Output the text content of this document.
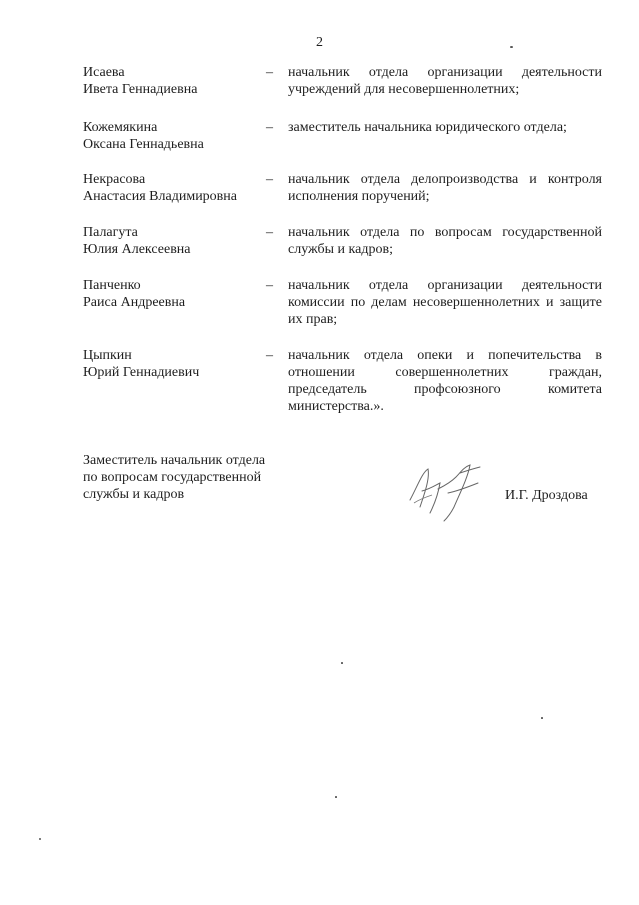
2
Исаева
Ивета Геннадиевна
– начальник отдела организации деятельности учреждений для несовершеннолетних;
Кожемякина
Оксана Геннадьевна
– заместитель начальника юридического отдела;
Некрасова
Анастасия Владимировна
– начальник отдела делопроизводства и контроля исполнения поручений;
Палагута
Юлия Алексеевна
– начальник отдела по вопросам государственной службы и кадров;
Панченко
Раиса Андреевна
– начальник отдела организации деятельности комиссии по делам несовершеннолетних и защите их прав;
Цыпкин
Юрий Геннадиевич
– начальник отдела опеки и попечительства в отношении совершеннолетних граждан, председатель профсоюзного комитета министерства.».
Заместитель начальник отдела
по вопросам государственной
службы и кадров	И.Г. Дроздова
